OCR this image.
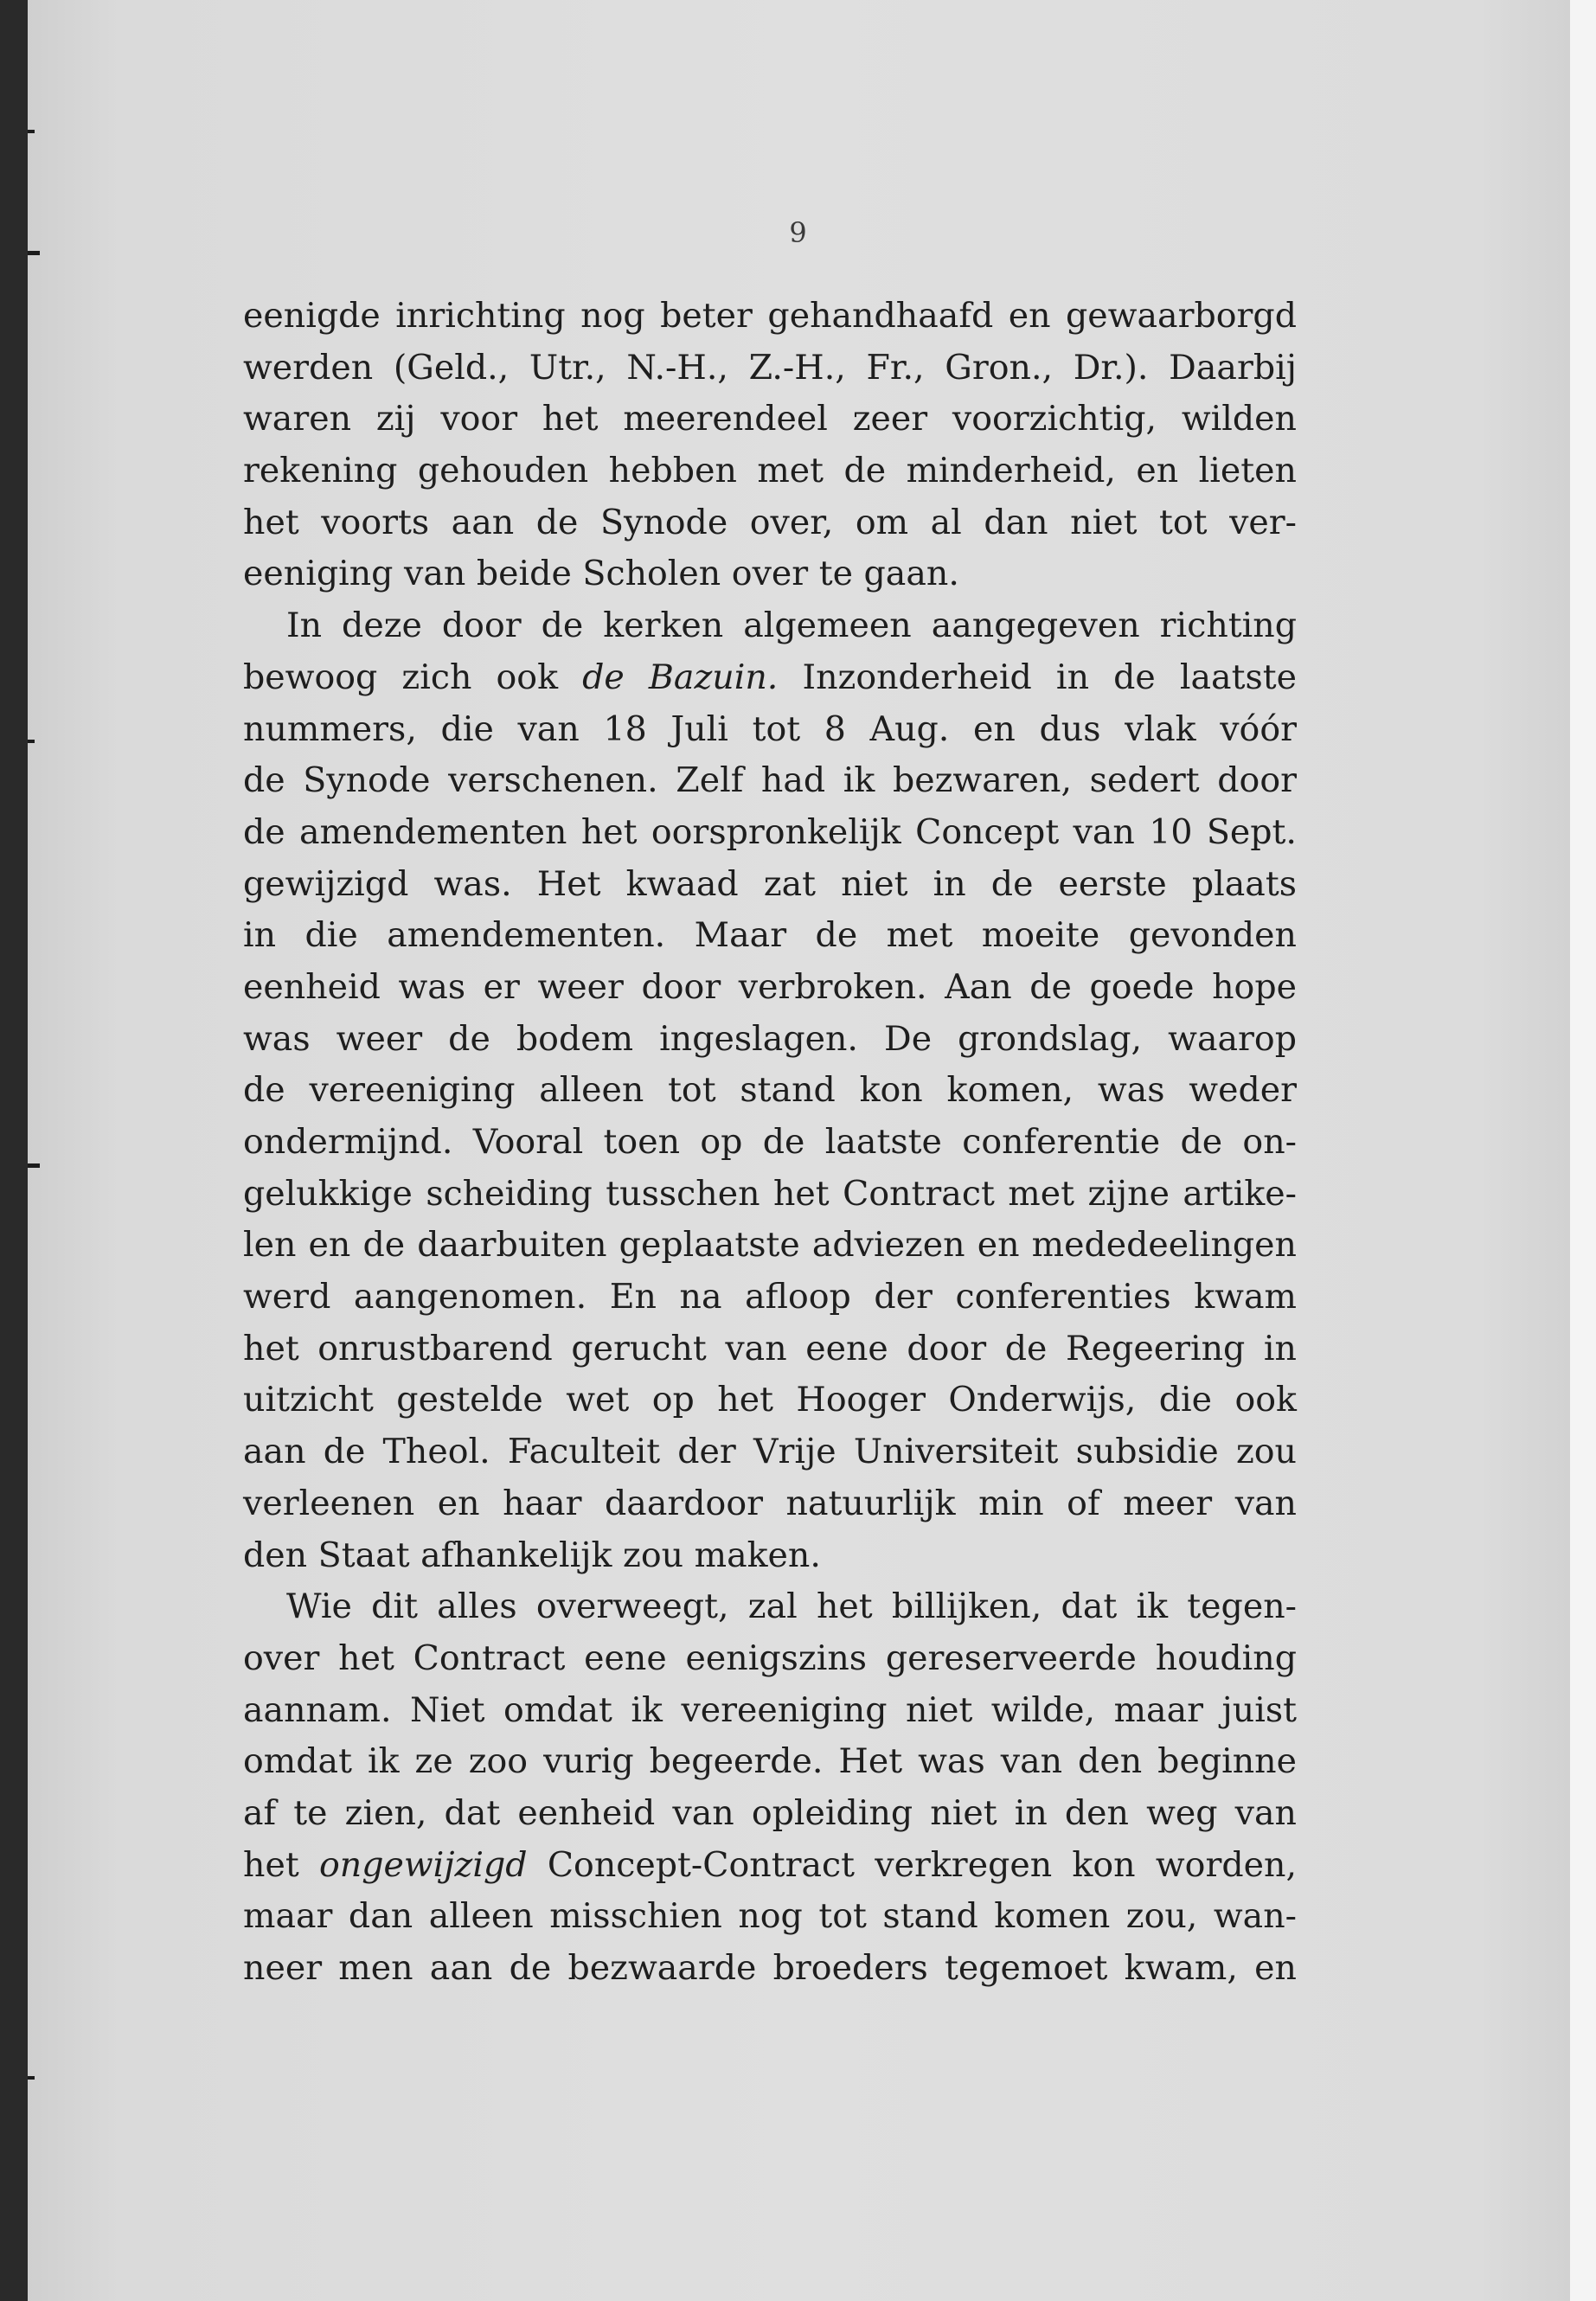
9

eenigde inrichting nog beter gehandhaafd en gewaarborgd
werden (Geld., Utr., N.-H., Z.-H., Fr., Gron., Dr.). Daarbij
waren zij voor het meerendeel zeer voorzichtig, wilden
rekening gehouden hebben met de minderheid, en lieten
het voorts aan de Synode over, om al dan niet tot ver-
eeniging van beide Scholen over te gaan.
In deze door de kerken algemeen aangegeven richting
bewoog zich ook de Bazuin. Inzonderheid in de laatste
nummers, die van 18 Juli tot 8 Aug. en dus vlak vóór
de Synode verschenen. Zelf had ik bezwaren, sedert door
de amendementen het oorspronkelijk Concept van 10 Sept.
gewijzigd was. Het kwaad zat niet in de eerste plaats
in die amendementen. Maar de met moeite gevonden
eenheid was er weer door verbroken. Aan de goede hope
was weer de bodem ingeslagen. De grondslag, waarop
de vereeniging alleen tot stand kon komen, was weder
ondermijnd. Vooral toen op de laatste conferentie de on-
gelukkige scheiding tusschen het Contract met zijne artike-
len en de daarbuiten geplaatste adviezen en mededeelingen
werd aangenomen. En na afloop der conferenties kwam
het onrustbarend gerucht van eene door de Regeering in
uitzicht gestelde wet op het Hooger Onderwijs, die ook
aan de Theol. Faculteit der Vrije Universiteit subsidie zou
verleenen en haar daardoor natuurlijk min of meer van
den Staat afhankelijk zou maken.
Wie dit alles overweegt, zal het billijken, dat ik tegen-
over het Contract eene eenigszins gereserveerde houding
aannam. Niet omdat ik vereeniging niet wilde, maar juist
omdat ik ze zoo vurig begeerde. Het was van den beginne
af te zien, dat eenheid van opleiding niet in den weg van
het ongewijzigd Concept-Contract verkregen kon worden,
maar dan alleen misschien nog tot stand komen zou, wan-
neer men aan de bezwaarde broeders tegemoet kwam, en
